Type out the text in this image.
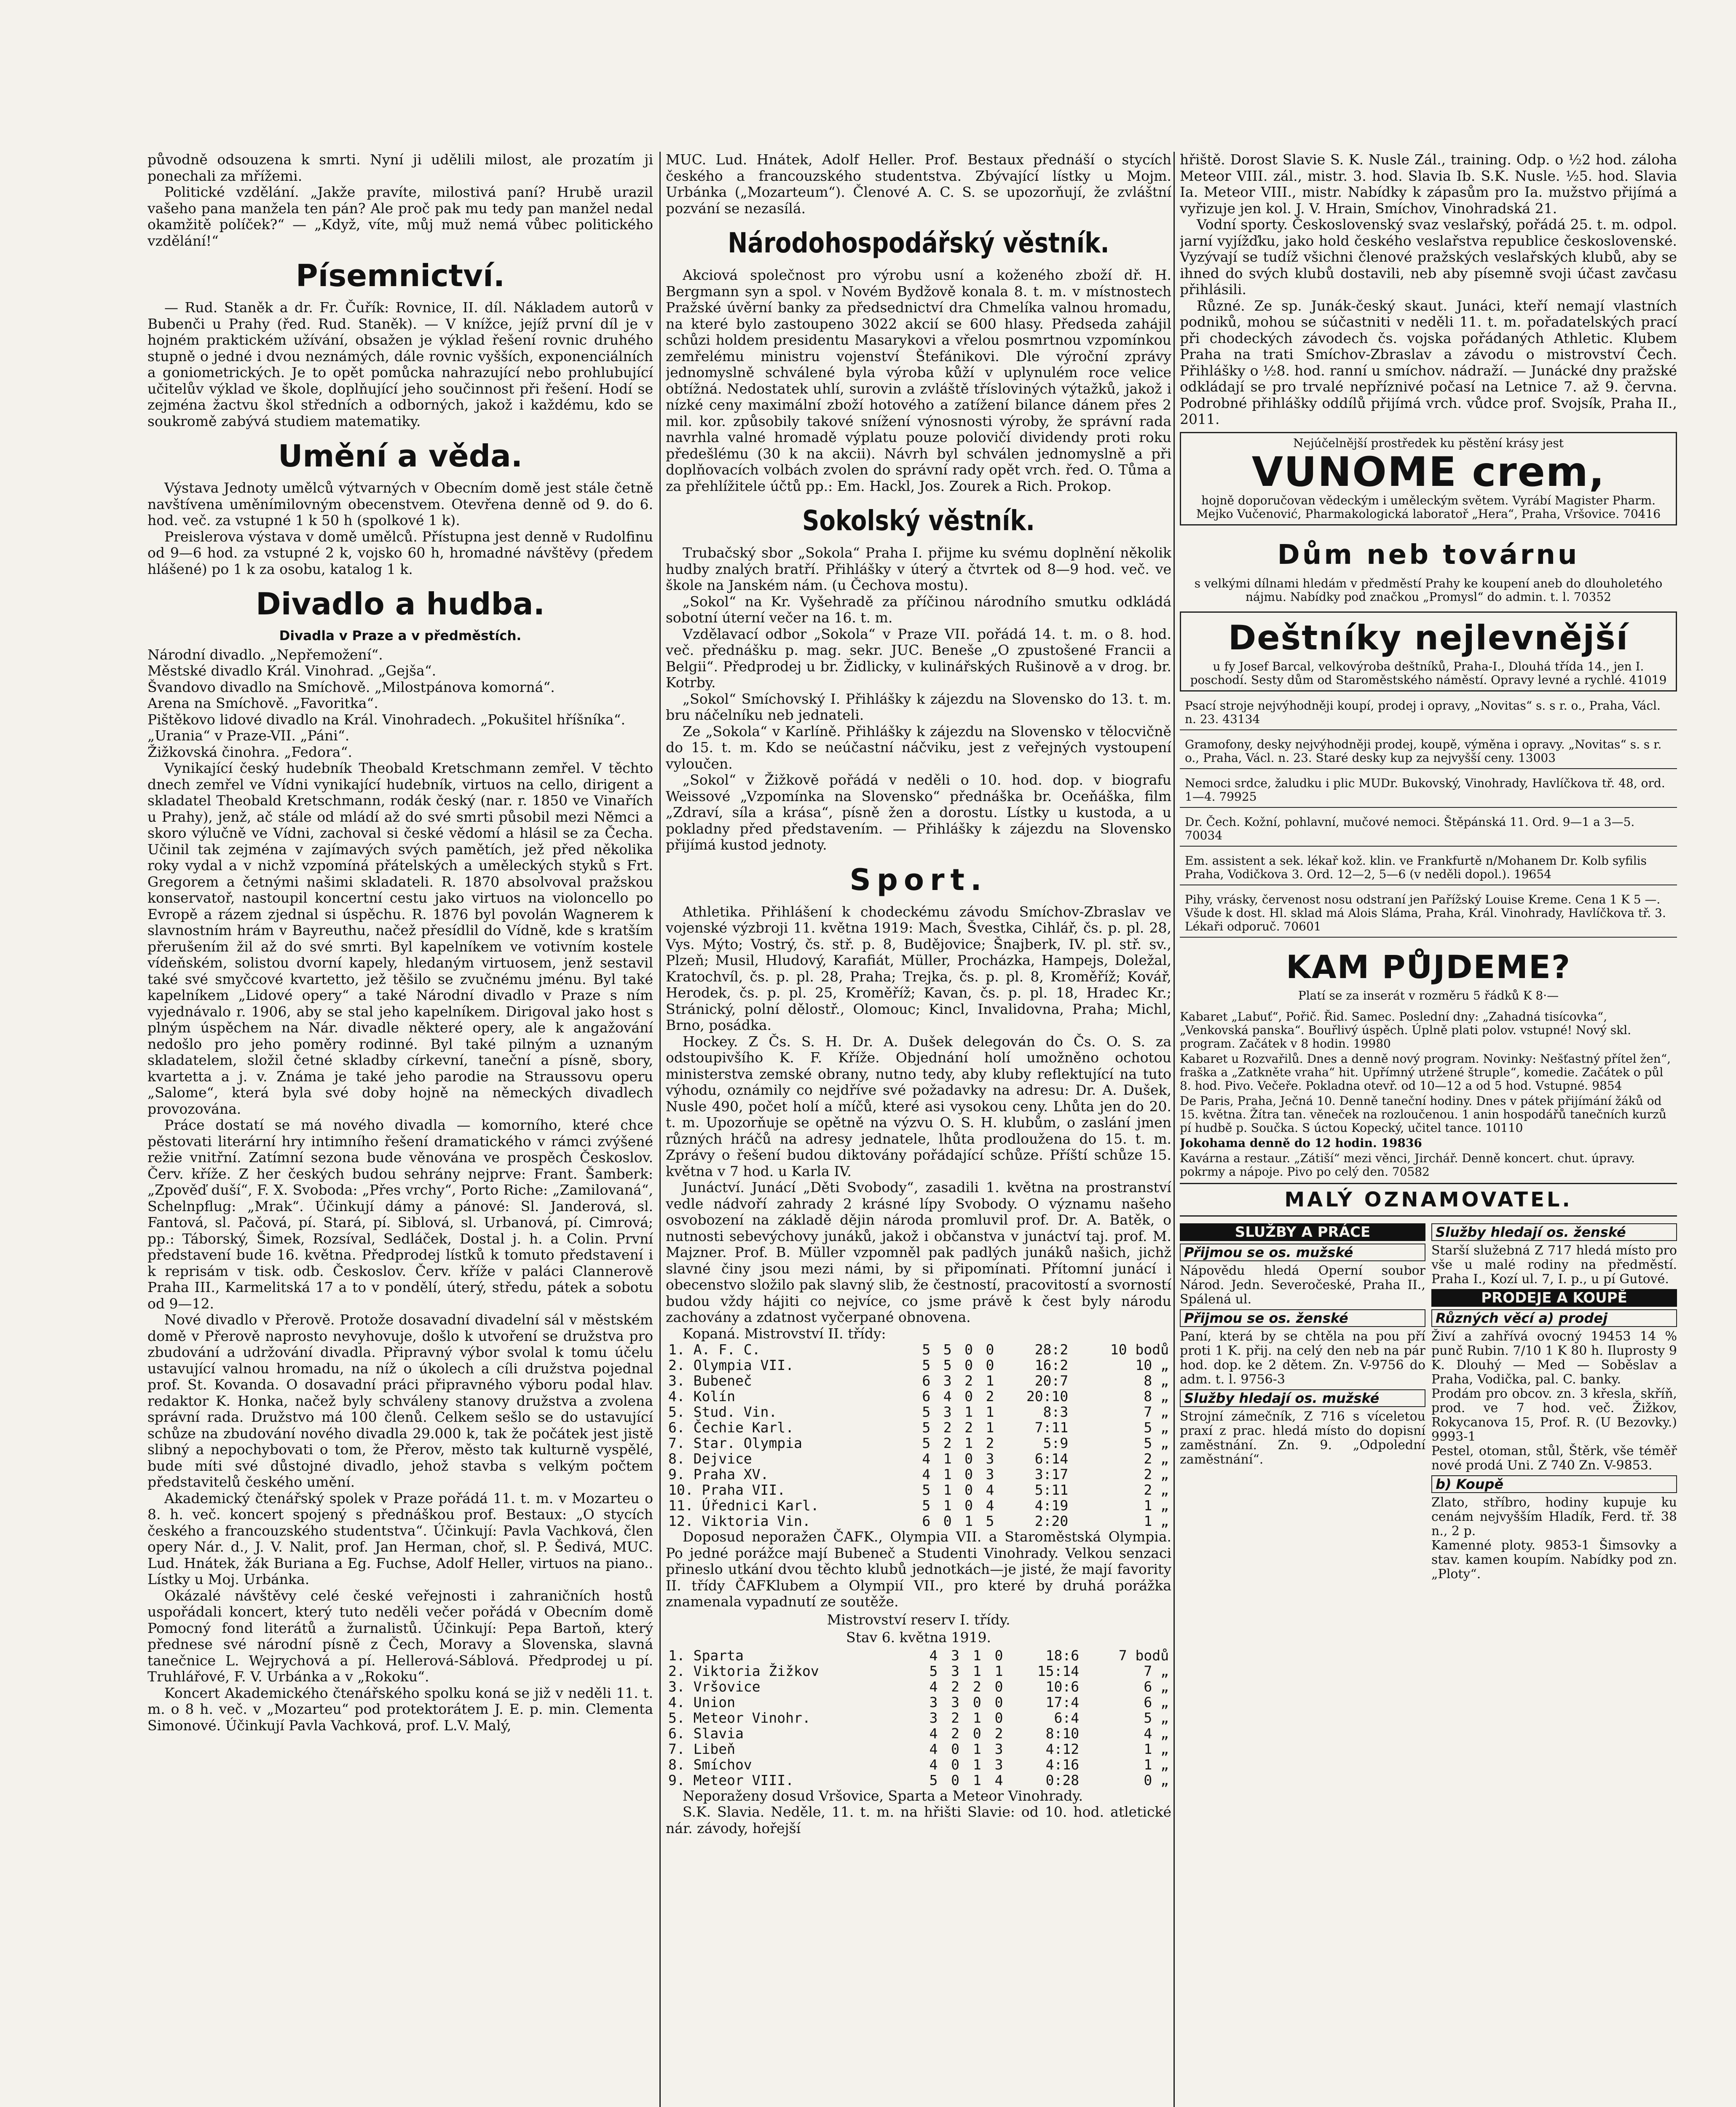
původně odsouzena k smrti. Nyní ji udělili milost, ale prozatím ji ponechali za mřížemi.

Politické vzdělání. „Jakže pravíte, milostivá paní? Hrubě urazil vašeho pana manžela ten pán? Ale proč pak mu tedy pan manžel nedal okamžitě políček?“ — „Když, víte, můj muž nemá vůbec politického vzdělání!“

Písemnictví.

— Rud. Staněk a dr. Fr. Čuřík: Rovnice, II. díl. Nákladem autorů v Bubenči u Prahy (řed. Rud. Staněk). — V knížce, jejíž první díl je v hojném praktickém užívání, obsažen je výklad řešení rovnic druhého stupně o jedné i dvou neznámých, dále rovnic vyšších, exponenciálních a goniometrických. Je to opět pomůcka nahrazující nebo prohlubující učitelův výklad ve škole, doplňující jeho součinnost při řešení. Hodí se zejména žactvu škol středních a odborných, jakož i každému, kdo se soukromě zabývá studiem matematiky.

Umění a věda.

Výstava Jednoty umělců výtvarných v Obecním domě jest stále četně navštívena uměnímilovným obecenstvem. Otevřena denně od 9. do 6. hod. več. za vstupné 1 k 50 h (spolkové 1 k).

Preislerova výstava v domě umělců. Přístupna jest denně v Rudolfinu od 9—6 hod. za vstupné 2 k, vojsko 60 h, hromadné návštěvy (předem hlášené) po 1 k za osobu, katalog 1 k.

Divadlo a hudba.
Divadla v Praze a v předměstích.
Národní divadlo. „Nepřemožení“.
Městské divadlo Král. Vinohrad. „Gejša“.
Švandovo divadlo na Smíchově. „Milostpánova komorná“.
Arena na Smíchově. „Favoritka“.
Pištěkovo lidové divadlo na Král. Vinohradech. „Pokušitel hříšníka“.
„Urania“ v Praze-VII. „Páni“.
Žižkovská činohra. „Fedora“.

Vynikající český hudebník Theobald Kretschmann zemřel. V těchto dnech zemřel ve Vídni vynikající hudebník, virtuos na cello, dirigent a skladatel Theobald Kretschmann, rodák český (nar. r. 1850 ve Vinařích u Prahy), jenž, ač stále od mládí až do své smrti působil mezi Němci a skoro výlučně ve Vídni, zachoval si české vědomí a hlásil se za Čecha. Učinil tak zejména v zajímavých svých pamětích, jež před několika roky vydal a v nichž vzpomíná přátelských a uměleckých styků s Frt. Gregorem a četnými našimi skladateli. R. 1870 absolvoval pražskou konservatoř, nastoupil koncertní cestu jako virtuos na violoncello po Evropě a rázem zjednal si úspěchu. R. 1876 byl povolán Wagnerem k slavnostním hrám v Bayreuthu, načež přesídlil do Vídně, kde s kratším přerušením žil až do své smrti. Byl kapelníkem ve votivním kostele vídeňském, solistou dvorní kapely, hledaným virtuosem, jenž sestavil také své smyčcové kvartetto, jež těšilo se zvučnému jménu. Byl také kapelníkem „Lidové opery“ a také Národní divadlo v Praze s ním vyjednávalo r. 1906, aby se stal jeho kapelníkem. Dirigoval jako host s plným úspěchem na Nár. divadle některé opery, ale k angažování nedošlo pro jeho poměry rodinné. Byl také pilným a uznaným skladatelem, složil četné skladby církevní, taneční a písně, sbory, kvartetta a j. v. Známa je také jeho parodie na Straussovu operu „Salome“, která byla své doby hojně na německých divadlech provozována.

Práce dostatí se má nového divadla — komorního, které chce pěstovati literární hry intimního řešení dramatického v rámci zvýšené režie vnitřní. Zatímní sezona bude věnována ve prospěch Českoslov. Červ. kříže. Z her českých budou sehrány nejprve: Frant. Šamberk: „Zpověď duší“, F. X. Svoboda: „Přes vrchy“, Porto Riche: „Zamilovaná“, Schelnpflug: „Mrak“. Účinkují dámy a pánové: Sl. Janderová, sl. Fantová, sl. Pačová, pí. Stará, pí. Siblová, sl. Urbanová, pí. Cimrová; pp.: Táborský, Šimek, Rozsíval, Sedláček, Dostal j. h. a Colin. První představení bude 16. května. Předprodej lístků k tomuto představení i k reprisám v tisk. odb. Českoslov. Červ. kříže v paláci Clannerově Praha III., Karmelitská 17 a to v pondělí, úterý, středu, pátek a sobotu od 9—12.

Nové divadlo v Přerově. Protože dosavadní divadelní sál v městském domě v Přerově naprosto nevyhovuje, došlo k utvoření se družstva pro zbudování a udržování divadla. Připravný výbor svolal k tomu účelu ustavující valnou hromadu, na níž o úkolech a cíli družstva pojednal prof. St. Kovanda. O dosavadní práci připravného výboru podal hlav. redaktor K. Honka, načež byly schváleny stanovy družstva a zvolena správní rada. Družstvo má 100 členů. Celkem sešlo se do ustavující schůze na zbudování nového divadla 29.000 k, tak že počátek jest jistě slibný a nepochybovati o tom, že Přerov, město tak kulturně vyspělé, bude míti své důstojné divadlo, jehož stavba s velkým počtem představitelů českého umění.

Akademický čtenářský spolek v Praze pořádá 11. t. m. v Mozarteu o 8. h. več. koncert spojený s přednáškou prof. Bestaux: „O stycích českého a francouzského studentstva“. Účinkují: Pavla Vachková, člen opery Nár. d., J. V. Nalit, prof. Jan Herman, choř, sl. P. Šedivá, MUC. Lud. Hnátek, žák Buriana a Eg. Fuchse, Adolf Heller, virtuos na piano.. Lístky u Moj. Urbánka.

Okázalé návštěvy celé české veřejnosti i zahraničních hostů uspořádali koncert, který tuto neděli večer pořádá v Obecním domě Pomocný fond literátů a žurnalistů. Účinkují: Pepa Bartoň, který přednese své národní písně z Čech, Moravy a Slovenska, slavná tanečnice L. Wejrychová a pí. Hellerová-Sáblová. Předprodej u pí. Truhlářové, F. V. Urbánka a v „Rokoku“.

Koncert Akademického čtenářského spolku koná se již v neděli 11. t. m. o 8 h. več. v „Mozarteu“ pod protektorátem J. E. p. min. Clementa Simonové. Účinkují Pavla Vachková, prof. L.V. Malý,

MUC. Lud. Hnátek, Adolf Heller. Prof. Bestaux přednáší o stycích českého a francouzského studentstva. Zbývající lístky u Mojm. Urbánka („Mozarteum“). Členové A. C. S. se upozorňují, že zvláštní pozvání se nezasílá.

Národohospodářský věstník.

Akciová společnost pro výrobu usní a koženého zboží dř. H. Bergmann syn a spol. v Novém Bydžově konala 8. t. m. v místnostech Pražské úvěrní banky za předsednictví dra Chmelíka valnou hromadu, na které bylo zastoupeno 3022 akcií se 600 hlasy. Předseda zahájil schůzi holdem presidentu Masarykovi a vřelou posmrtnou vzpomínkou zemřelému ministru vojenství Štefánikovi. Dle výroční zprávy jednomyslně schválené byla výroba kůží v uplynulém roce velice obtížná. Nedostatek uhlí, surovin a zvláště třísloviných výtažků, jakož i nízké ceny maximální zboží hotového a zatížení bilance dánem přes 2 mil. kor. způsobily takové snížení výnosnosti výroby, že správní rada navrhla valné hromadě výplatu pouze polovičí dividendy proti roku předešlému (30 k na akcii). Návrh byl schválen jednomyslně a při doplňovacích volbách zvolen do správní rady opět vrch. řed. O. Tůma a za přehlížitele účtů pp.: Em. Hackl, Jos. Zourek a Rich. Prokop.

Sokolský věstník.

Trubačský sbor „Sokola“ Praha I. přijme ku svému doplnění několik hudby znalých bratří. Přihlášky v úterý a čtvrtek od 8—9 hod. več. ve škole na Janském nám. (u Čechova mostu).

„Sokol“ na Kr. Vyšehradě za příčinou národního smutku odkládá sobotní úterní večer na 16. t. m.

Vzdělavací odbor „Sokola“ v Praze VII. pořádá 14. t. m. o 8. hod. več. přednášku p. mag. sekr. JUC. Beneše „O zpustošené Francii a Belgii“. Předprodej u br. Židlicky, v kulinářských Rušinově a v drog. br. Kotrby.

„Sokol“ Smíchovský I. Přihlášky k zájezdu na Slovensko do 13. t. m. bru náčelníku neb jednateli.

Ze „Sokola“ v Karlíně. Přihlášky k zájezdu na Slovensko v tělocvičně do 15. t. m. Kdo se neúčastní náčviku, jest z veřejných vystoupení vyloučen.

„Sokol“ v Žižkově pořádá v neděli o 10. hod. dop. v biografu Weissové „Vzpomínka na Slovensko“ přednáška br. Oceňáška, film „Zdraví, síla a krása“, písně žen a dorostu. Lístky u kustoda, a u pokladny před představením. — Přihlášky k zájezdu na Slovensko přijímá kustod jednoty.

Sport.

Athletika. Přihlášení k chodeckému závodu Smíchov-Zbraslav ve vojenské výzbroji 11. května 1919: Mach, Švestka, Cihlář, čs. p. pl. 28, Vys. Mýto; Vostrý, čs. stř. p. 8, Budějovice; Šnajberk, IV. pl. stř. sv., Plzeň; Musil, Hludový, Karafiát, Müller, Procházka, Hampejs, Doležal, Kratochvíl, čs. p. pl. 28, Praha; Trejka, čs. p. pl. 8, Kroměříž; Kovář, Herodek, čs. p. pl. 25, Kroměříž; Kavan, čs. p. pl. 18, Hradec Kr.; Stránický, polní dělostř., Olomouc; Kincl, Invalidovna, Praha; Michl, Brno, posádka.

Hockey. Z Čs. S. H. Dr. A. Dušek delegován do Čs. O. S. za odstoupivšího K. F. Kříže. Objednání holí umožněno ochotou ministerstva zemské obrany, nutno tedy, aby kluby reflektující na tuto výhodu, oznámily co nejdříve své požadavky na adresu: Dr. A. Dušek, Nusle 490, počet holí a míčů, které asi vysokou ceny. Lhůta jen do 20. t. m. Upozorňuje se opětně na výzvu O. S. H. klubům, o zaslání jmen různých hráčů na adresy jednatele, lhůta prodloužena do 15. t. m. Zprávy o řešení budou diktovány pořádající schůze. Příští schůze 15. května v 7 hod. u Karla IV.

Junáctví. Junácí „Děti Svobody“, zasadili 1. května na prostranství vedle nádvoří zahrady 2 krásné lípy Svobody. O významu našeho osvobození na základě dějin národa promluvil prof. Dr. A. Batěk, o nutnosti sebevýchovy junáků, jakož i občanstva v junáctví taj. prof. M. Majzner. Prof. B. Müller vzpomněl pak padlých junáků našich, jichž slavné činy jsou mezi námi, by si připomínati. Přítomní junácí i obecenstvo složilo pak slavný slib, že čestností, pracovitostí a svorností budou vždy hájiti co nejvíce, co jsme právě k čest byly národu zachovány a zdatnost vyčerpané obnovena.

Kopaná. Mistrovství II. třídy:

1. A. F. C.	5	5	0	0	28:2	10 bodů
2. Olympia VII.	5	5	0	0	16:2	10 „
3. Bubeneč	6	3	2	1	20:7	8 „
4. Kolín	6	4	0	2	20:10	8 „
5. Stud. Vin.	5	3	1	1	8:3	7 „
6. Čechie Karl.	5	2	2	1	7:11	5 „
7. Star. Olympia	5	2	1	2	5:9	5 „
8. Dejvice	4	1	0	3	6:14	2 „
9. Praha XV.	4	1	0	3	3:17	2 „
10. Praha VII.	5	1	0	4	5:11	2 „
11. Úřednici Karl.	5	1	0	4	4:19	1 „
12. Viktoria Vin.	6	0	1	5	2:20	1 „

Doposud neporažen ČAFK., Olympia VII. a Staroměstská Olympia. Po jedné porážce mají Bubeneč a Studenti Vinohrady. Velkou senzaci přineslo utkání dvou těchto klubů jednotkách—je jisté, že mají favority II. třídy ČAFKlubem a Olympií VII., pro které by druhá porážka znamenala vypadnutí ze soutěže.

Mistrovství reserv I. třídy.
Stav 6. května 1919.
1. Sparta	4	3	1	0	18:6	7 bodů
2. Viktoria Žižkov	5	3	1	1	15:14	7 „
3. Vršovice	4	2	2	0	10:6	6 „
4. Union	3	3	0	0	17:4	6 „
5. Meteor Vinohr.	3	2	1	0	6:4	5 „
6. Slavia	4	2	0	2	8:10	4 „
7. Libeň	4	0	1	3	4:12	1 „
8. Smíchov	4	0	1	3	4:16	1 „
9. Meteor VIII.	5	0	1	4	0:28	0 „

Neporaženy dosud Vršovice, Sparta a Meteor Vinohrady.

S.K. Slavia. Neděle, 11. t. m. na hřišti Slavie: od 10. hod. atletické nár. závody, hořejší

hřiště. Dorost Slavie S. K. Nusle Zál., training. Odp. o ½2 hod. záloha Meteor VIII. zál., mistr. 3. hod. Slavia Ib. S.K. Nusle. ½5. hod. Slavia Ia. Meteor VIII., mistr. Nabídky k zápasům pro Ia. mužstvo přijímá a vyřizuje jen kol. J. V. Hrain, Smíchov, Vinohradská 21.

Vodní sporty. Československý svaz veslařský, pořádá 25. t. m. odpol. jarní vyjížďku, jako hold českého veslařstva republice československé. Vyzývají se tudíž všichni členové pražských veslařských klubů, aby se ihned do svých klubů dostavili, neb aby písemně svoji účast zavčasu přihlásili.

Různé. Ze sp. Junák-český skaut. Junáci, kteří nemají vlastních podniků, mohou se súčastniti v neděli 11. t. m. pořadatelských prací při chodeckých závodech čs. vojska pořádaných Athletic. Klubem Praha na trati Smíchov-Zbraslav a závodu o mistrovství Čech. Přihlášky o ½8. hod. ranní u smíchov. nádraží. — Junácké dny pražské odkládají se pro trvalé nepříznivé počasí na Letnice 7. až 9. června. Podrobné přihlášky oddílů přijímá vrch. vůdce prof. Svojsík, Praha II., 2011.

Nejúčelnější prostředek ku pěstění krásy jest
VUNOME crem,
hojně doporučovan vědeckým i uměleckým světem. Vyrábí Magister Pharm. Mejko Vučenović, Pharmakologická laboratoř „Hera“, Praha, Vršovice. 70416
Dům neb továrnu
s velkými dílnami hledám v předměstí Prahy ke koupení aneb do dlouholetého nájmu. Nabídky pod značkou „Promysl“ do admin. t. l. 70352
Deštníky nejlevnější
u fy Josef Barcal, velkovýroba deštníků, Praha-I., Dlouhá třída 14., jen I. poschodí. Sesty dům od Staroměstského náměstí. Opravy levné a rychlé. 41019
Psací stroje nejvýhodněji koupí, prodej i opravy, „Novitas“ s. s r. o., Praha, Václ. n. 23. 43134
Gramofony, desky nejvýhodněji prodej, koupě, výměna i opravy. „Novitas“ s. s r. o., Praha, Václ. n. 23. Staré desky kup za nejvyšší ceny. 13003
Nemoci srdce, žaludku i plic MUDr. Bukovský, Vinohrady, Havlíčkova tř. 48, ord. 1—4. 79925
Dr. Čech. Kožní, pohlavní, mučové nemoci. Štěpánská 11. Ord. 9—1 a 3—5. 70034
Em. assistent a sek. lékař kož. klin. ve Frankfurtě n/Mohanem Dr. Kolb syfilis Praha, Vodičkova 3. Ord. 12—2, 5—6 (v neděli dopol.). 19654
Pihy, vrásky, červenost nosu odstraní jen Pařížský Louise Kreme. Cena 1 K 5 —. Všude k dost. Hl. sklad má Alois Sláma, Praha, Král. Vinohrady, Havlíčkova tř. 3. Lékaři odporuč. 70601
KAM PŮJDEME?
Platí se za inserát v rozměru 5 řádků K 8·—
Kabaret „Labuť“, Pořič. Řid. Samec. Poslední dny: „Zahadná tisícovka“, „Venkovská panska“. Bouřlivý úspěch. Úplně plati polov. vstupné! Nový skl. program. Začátek v 8 hodin. 19980
Kabaret u Rozvařilů. Dnes a denně nový program. Novinky: Nešťastný přítel žen“, fraška a „Zatkněte vraha“ hit. Upřímný utržené štruple“, komedie. Začátek o půl 8. hod. Pivo. Večeře. Pokladna otevř. od 10—12 a od 5 hod. Vstupné. 9854
De Paris, Praha, Ječná 10. Denně taneční hodiny. Dnes v pátek přijímání žáků od 15. května. Žítra tan. věneček na rozloučenou. 1 anin hospodářů tanečních kurzů pí hudbě p. Součka. S úctou Kopecký, učitel tance. 10110
Jokohama denně do 12 hodin. 19836
Kavárna a restaur. „Zátiší“ mezi věnci, Jirchář. Denně koncert. chut. úpravy. pokrmy a nápoje. Pivo po celý den. 70582
MALÝ OZNAMOVATEL.
SLUŽBY A PRÁCE
Přijmou se os. mužské
Nápovědu hledá Operní soubor Národ. Jedn. Severočeské, Praha II., Spálená ul.
Přijmou se os. ženské
Paní, která by se chtěla na pou pří proti 1 K. přij. na celý den neb na pár hod. dop. ke 2 dětem. Zn. V-9756 do adm. t. l. 9756-3
Služby hledají os. mužské
Strojní zámečník, Z 716 s víceletou praxí z prac. hledá místo do dopisní zaměstnání. Zn. 9. „Odpolední zaměstnání“.
Služby hledají os. ženské
Starší služebná Z 717 hledá místo pro vše u malé rodiny na předměstí. Praha I., Kozí ul. 7, I. p., u pí Gutové.
PRODEJE A KOUPĚ
Různých věcí a) prodej
Živí a zahřívá ovocný 19453 14 % punč Rubin. 7/10 1 K 80 h. Iluprosty 9 K. Dlouhý — Med — Soběslav a Praha, Vodička, pal. C. banky.
Prodám pro obcov. zn. 3 křesla, skříň, prod. ve 7 hod. več. Žižkov, Rokycanova 15, Prof. R. (U Bezovky.) 9993-1
Pestel, otoman, stůl, Štěrk, vše téměř nové prodá Uni. Z 740 Zn. V-9853.
b) Koupě
Zlato, stříbro, hodiny kupuje ku cenám nejvyšším Hladík, Ferd. tř. 38 n., 2 p.
Kamenné ploty. 9853-1 Šimsovky a stav. kamen koupím. Nabídky pod zn. „Ploty“.
